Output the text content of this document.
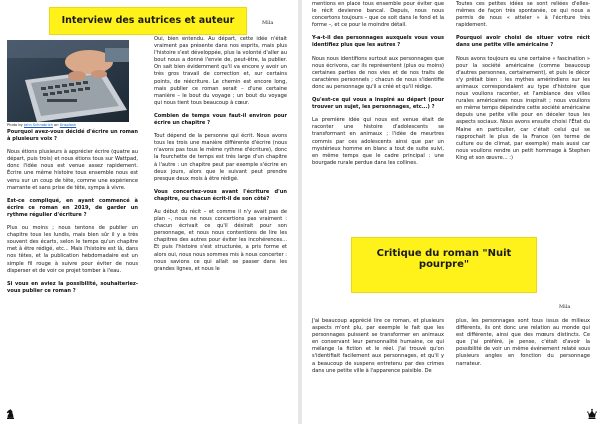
Interview des autrices et auteur	Mila
Photo by John Schnobrich on Unsplash

Pourquoi avez-vous décidé d'écrire un roman à plusieurs voix ?

Nous étions plusieurs à apprécier écrire (quatre au départ, puis trois) et nous étions tous sur Wattpad, donc l'idée nous est venue assez rapidement. Écrire une même histoire tous ensemble nous est venu sur un coup de tête, comme une expérience marrante et sans prise de tête, sympa à vivre.

Est-ce compliqué, en ayant commencé à écrire ce roman en 2019, de garder un rythme régulier d'écriture ?

Plus ou moins ; nous tentons de publier un chapitre tous les lundis, mais bien sûr il y a très souvent des écarts, selon le temps qu'un chapitre met à être rédigé, etc... Mais l'histoire est là, dans nos têtes, et la publication hebdomadaire est un simple fil rouge à suivre pour éviter de nous disperser et de voir ce projet tomber à l'eau.

Si vous en aviez la possibilité, souhaiteriez-vous publier ce roman ?

Oui, bien entendu. Au départ, cette idée n'était vraiment pas présente dans nos esprits, mais plus l'histoire s'est développée, plus la volonté d'aller au bout nous a donné l'envie de, peut-être, la publier. On sait bien évidemment qu'il va encore y avoir un très gros travail de correction et, sur certains points, de réécriture. Le chemin est encore long, mais publier ce roman serait – d'une certaine manière – le bout du voyage ; un bout du voyage qui nous tient tous beaucoup à cœur.

Combien de temps vous faut-il environ pour écrire un chapitre ?

Tout dépend de la personne qui écrit. Nous avons tous les trois une manière différente d'écrire (nous n'avons pas tous le même rythme d'écriture), donc la fourchette de temps est très large d'un chapitre à l'autre : un chapitre peut par exemple s'écrire en deux jours, alors que le suivant peut prendre presque deux mois à être rédigé.

Vous concertez-vous avant l'écriture d'un chapitre, ou chacun écrit-il de son côté?

Au début du récit – et comme il n'y avait pas de plan –, nous ne nous concertions pas vraiment : chacun écrivait ce qu'il désirait pour son personnage, et nous nous contentions de lire les chapitres des autres pour éviter les incohérences... Et puis l'histoire s'est structurée, a pris forme et alors oui, nous nous sommes mis à nous concerter : nous savions ce qui allait se passer dans les grandes lignes, et nous le

mentions en place tous ensemble pour éviter que le récit devienne bancal. Depuis, nous nous concertons toujours – que ce soit dans le fond et la forme –, et ce pour le moindre détail.

Y-a-t-il des personnages auxquels vous vous identifiez plus que les autres ?

Nous nous identifions surtout aux personnages que nous écrivons, car ils représentent (plus ou moins) certaines parties de nos vies et de nos traits de caractères personnels ; chacun de nous s'identifie donc au personnage qu'il a créé et qu'il rédige.

Qu'est-ce qui vous a inspiré au départ (pour trouver un sujet, les personnages, etc...) ?

La première idée qui nous est venue était de raconter une histoire d'adolescents se transformant en animaux ; l'idée de meurtres commis par ces adolescents ainsi que par un mystérieux homme en blanc a tout de suite suivi, en même temps que le cadre principal : une bourgade rurale perdue dans les collines.

Toutes ces petites idées se sont reliées d'elles-mêmes de façon très spontanée, ce qui nous a permis de nous « atteler » à l'écriture très rapidement.

Pourquoi avoir choisi de situer votre récit dans une petite ville américaine ?

Nous avons toujours eu une certaine « fascination » pour la société américaine (comme beaucoup d'autres personnes, certainement), et puis le décor s'y prêtait bien : les mythes amérindiens sur les animaux correspondaient au type d'histoire que nous voulions raconter, et l'ambiance des villes rurales américaines nous inspirait ; nous voulions en même temps dépeindre cette société américaine depuis une petite ville pour en déceler tous les aspects sociaux. Nous avons ensuite choisi l'État du Maine en particulier, car c'était celui qui se rapprochait le plus de la France (en terme de culture ou de climat, par exemple) mais aussi car nous voulions rendre un petit hommage à Stephen King et son œuvre... :)

Critique du roman "Nuit pourpre"
Mila

J'ai beaucoup apprécié lire ce roman, et plusieurs aspects m'ont plu, par exemple le fait que les personnages puissent se transformer en animaux en conservant leur personnalité humaine, ce qui mélange la fiction et le réel. J'ai trouvé qu'on s'identifiait facilement aux personnages, et qu'il y a beaucoup de suspens entretenu par des crimes dans une petite ville à l'apparence paisible. De

plus, les personnages sont tous issus de milieux différents, ils ont donc une relation au monde qui est différente, ainsi que des mœurs distincts. Ce que j'ai préféré, je pense, c'était d'avoir la possibilité de voir un même événement relaté sous plusieurs angles en fonction du personnage narrateur.
